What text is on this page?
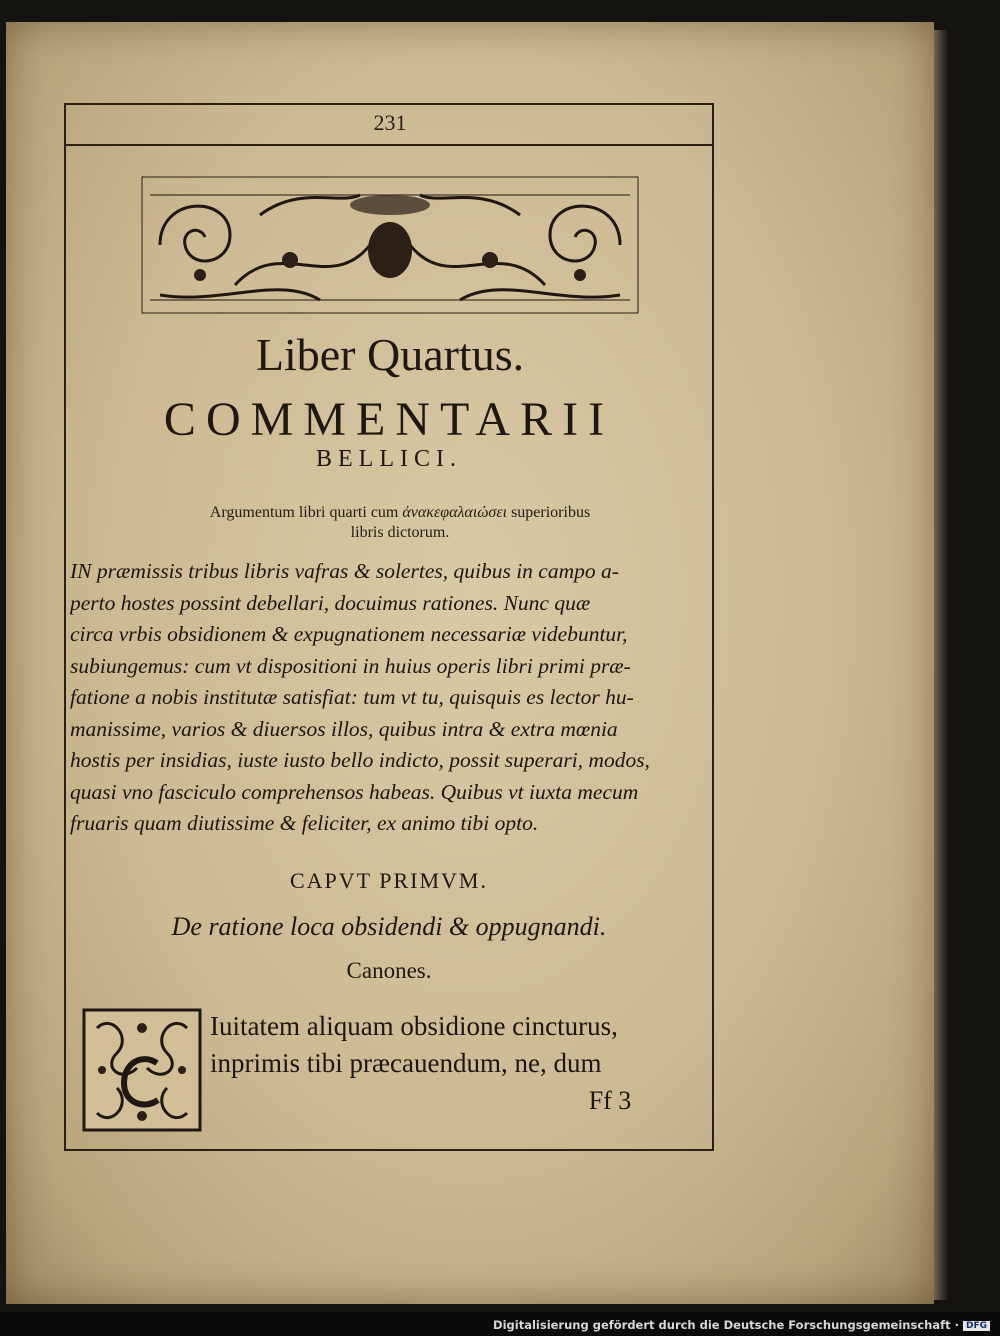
231
Liber Quartus.
COMMENTARII
BELLICI.
Argumentum libri quarti cum ἀνακεφαλαιώσει superioribus
libris dictorum.
IN præmissis tribus libris vafras & solertes, quibus in campo a-
perto hostes possint debellari, docuimus rationes. Nunc quæ
circa vrbis obsidionem & expugnationem necessariæ videbuntur,
subiungemus: cum vt dispositioni in huius operis libri primi præ-
fatione a nobis institutæ satisfiat: tum vt tu, quisquis es lector hu-
manissime, varios & diuersos illos, quibus intra & extra mœnia
hostis per insidias, iuste iusto bello indicto, possit superari, modos,
quasi vno fasciculo comprehensos habeas. Quibus vt iuxta mecum
fruaris quam diutissime & feliciter, ex animo tibi opto.
CAPVT PRIMVM.
De ratione loca obsidendi & oppugnandi.
Canones.
Iuitatem aliquam obsidione cincturus,
inprimis tibi præcauendum, ne, dum
Ff 3
Digitalisierung gefördert durch die Deutsche Forschungsgemeinschaft · DFG
